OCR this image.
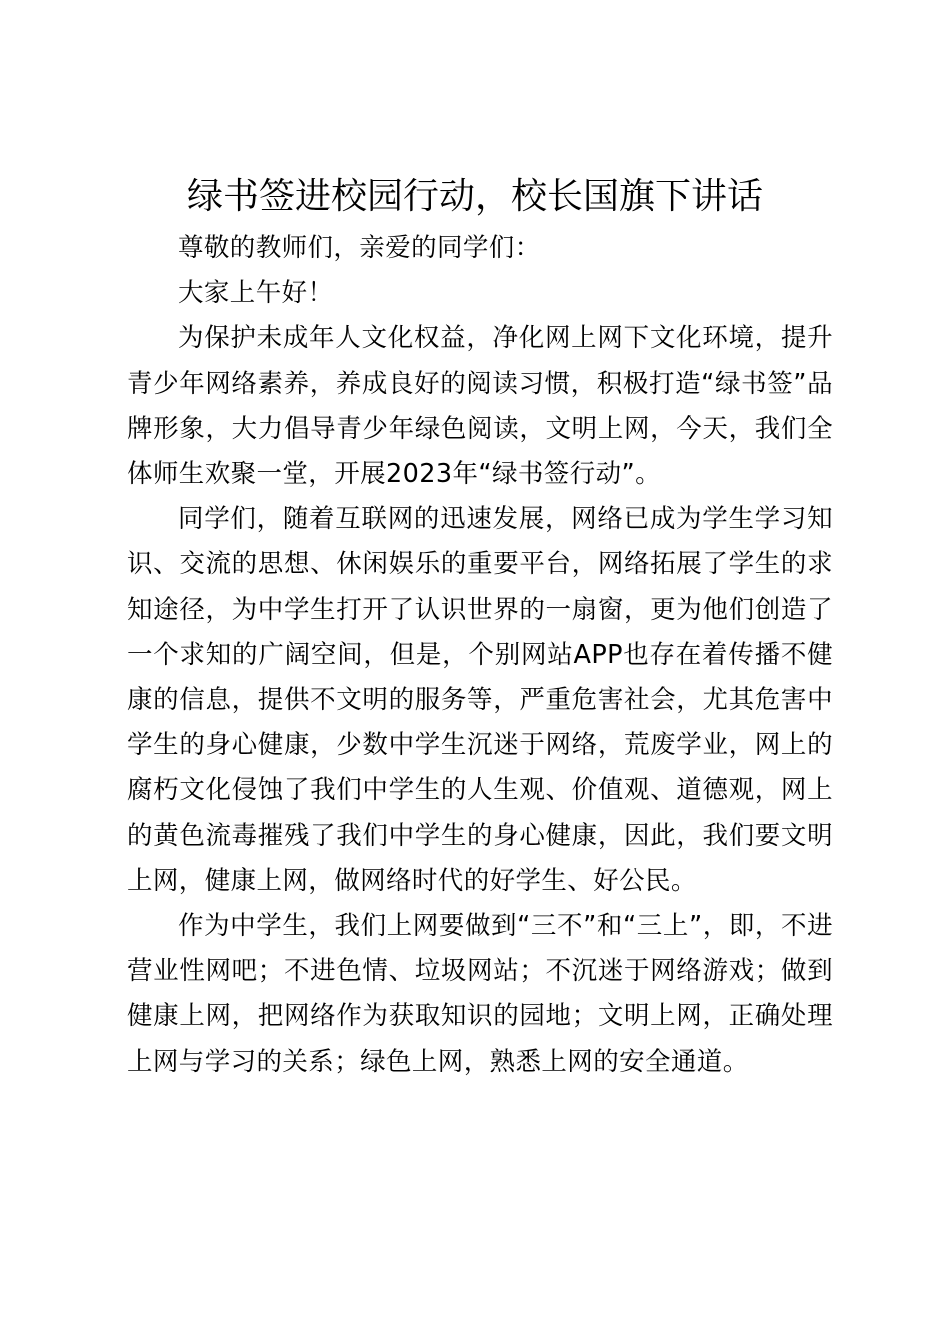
绿书签进校园行动，校长国旗下讲话

尊敬的教师们，亲爱的同学们：

大家上午好！

为保护未成年人文化权益，净化网上网下文化环境，提升青少年网络素养，养成良好的阅读习惯，积极打造“绿书签”品牌形象，大力倡导青少年绿色阅读，文明上网，今天，我们全体师生欢聚一堂，开展2023年“绿书签行动”。

同学们，随着互联网的迅速发展，网络已成为学生学习知识、交流的思想、休闲娱乐的重要平台，网络拓展了学生的求知途径，为中学生打开了认识世界的一扇窗，更为他们创造了一个求知的广阔空间，但是，个别网站APP也存在着传播不健康的信息，提供不文明的服务等，严重危害社会，尤其危害中学生的身心健康，少数中学生沉迷于网络，荒废学业，网上的腐朽文化侵蚀了我们中学生的人生观、价值观、道德观，网上的黄色流毒摧残了我们中学生的身心健康，因此，我们要文明上网，健康上网，做网络时代的好学生、好公民。

作为中学生，我们上网要做到“三不”和“三上”，即，不进营业性网吧；不进色情、垃圾网站；不沉迷于网络游戏；做到健康上网，把网络作为获取知识的园地；文明上网，正确处理上网与学习的关系；绿色上网，熟悉上网的安全通道。
